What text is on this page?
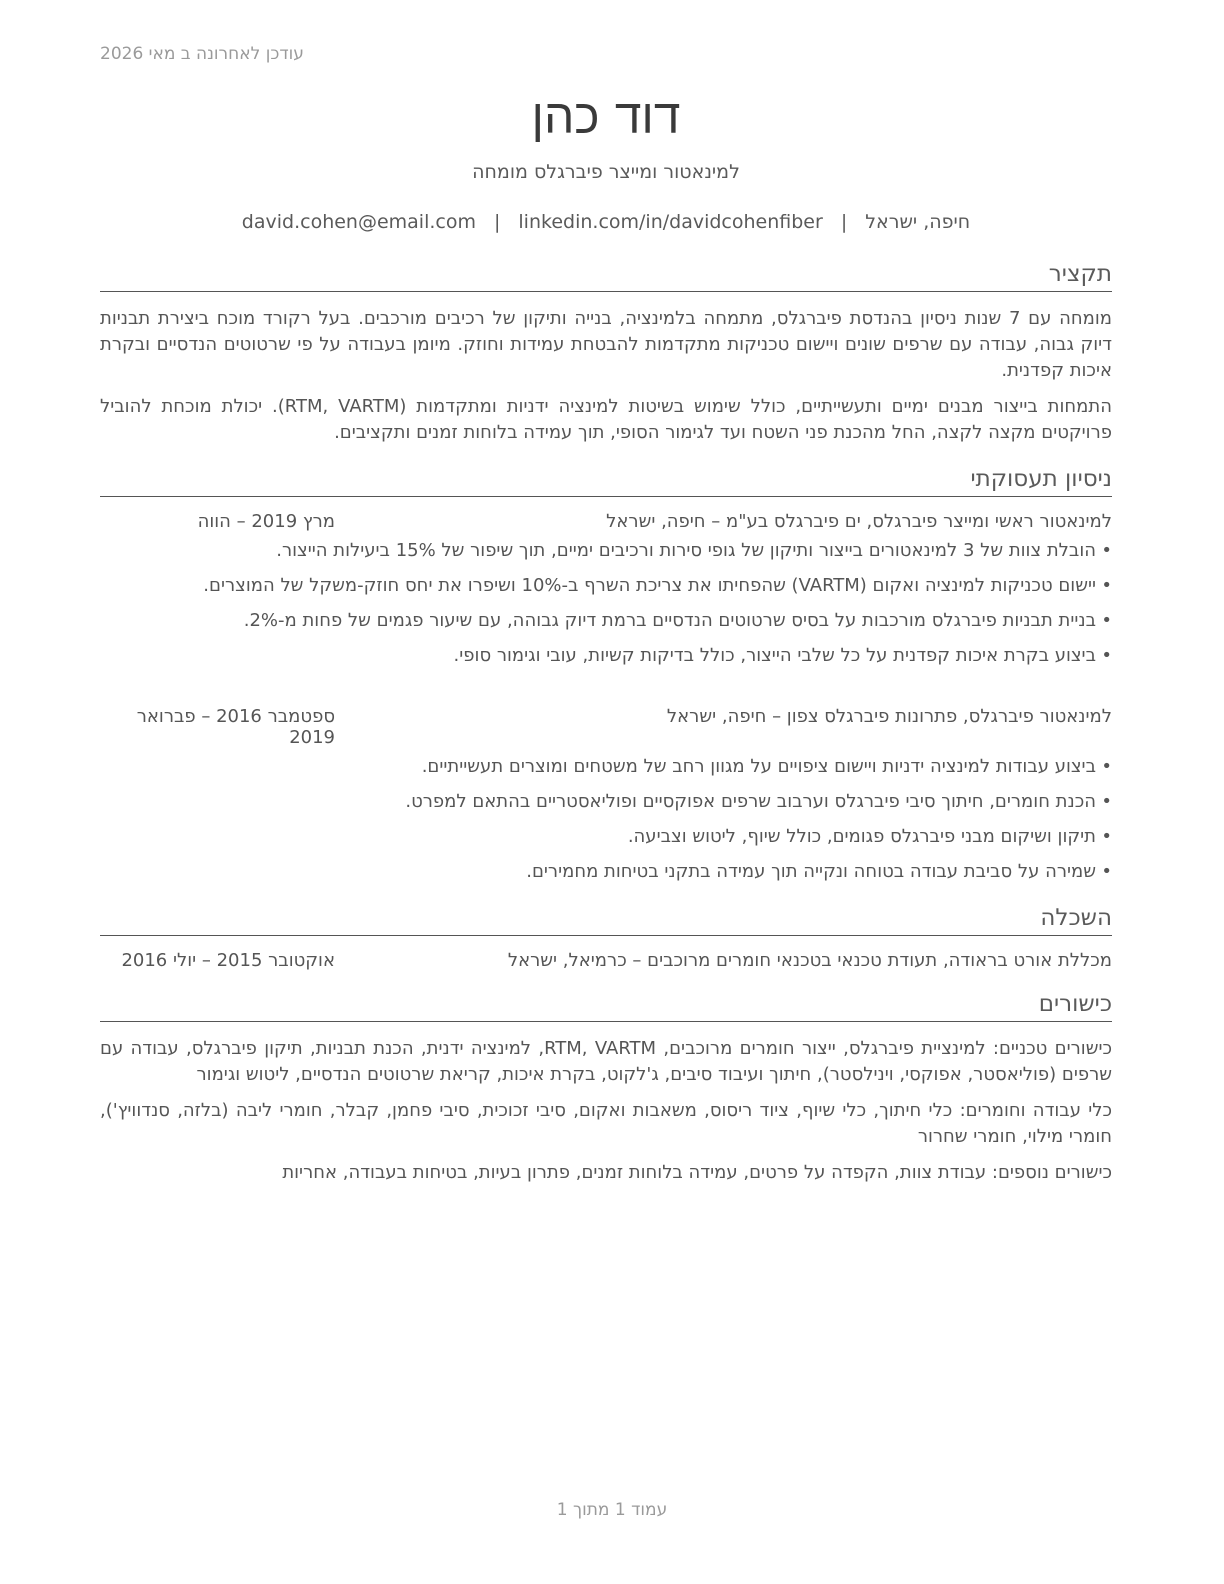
עודכן לאחרונה ב מאי 2026
דוד כהן
למינאטור ומייצר פיברגלס מומחה
חיפה, ישראל|david.cohen@email.com | linkedin.com/in/davidcohenfiber
תקציר

מומחה עם 7 שנות ניסיון בהנדסת פיברגלס, מתמחה בלמינציה, בנייה ותיקון של רכיבים מורכבים. בעל רקורד מוכח ביצירת תבניות דיוק גבוה, עבודה עם שרפים שונים ויישום טכניקות מתקדמות להבטחת עמידות וחוזק. מיומן בעבודה על פי שרטוטים הנדסיים ובקרת איכות קפדנית.

התמחות בייצור מבנים ימיים ותעשייתיים, כולל שימוש בשיטות למינציה ידניות ומתקדמות (RTM, VARTM). יכולת מוכחת להוביל פרויקטים מקצה לקצה, החל מהכנת פני השטח ועד לגימור הסופי, תוך עמידה בלוחות זמנים ותקציבים.

ניסיון תעסוקתי
למינאטור ראשי ומייצר פיברגלס, ים פיברגלס בע"מ – חיפה, ישראל
מרץ 2019 – הווה
• הובלת צוות של 3 למינאטורים בייצור ותיקון של גופי סירות ורכיבים ימיים, תוך שיפור של 15% ביעילות הייצור.
• יישום טכניקות למינציה ואקום (VARTM) שהפחיתו את צריכת השרף ב-10% ושיפרו את יחס חוזק-משקל של המוצרים.
• בניית תבניות פיברגלס מורכבות על בסיס שרטוטים הנדסיים ברמת דיוק גבוהה, עם שיעור פגמים של פחות מ-2%.
• ביצוע בקרת איכות קפדנית על כל שלבי הייצור, כולל בדיקות קשיות, עובי וגימור סופי.
למינאטור פיברגלס, פתרונות פיברגלס צפון – חיפה, ישראל
ספטמבר 2016 – פברואר 2019
• ביצוע עבודות למינציה ידניות ויישום ציפויים על מגוון רחב של משטחים ומוצרים תעשייתיים.
• הכנת חומרים, חיתוך סיבי פיברגלס וערבוב שרפים אפוקסיים ופוליאסטריים בהתאם למפרט.
• תיקון ושיקום מבני פיברגלס פגומים, כולל שיוף, ליטוש וצביעה.
• שמירה על סביבת עבודה בטוחה ונקייה תוך עמידה בתקני בטיחות מחמירים.
השכלה
מכללת אורט בראודה, תעודת טכנאי בטכנאי חומרים מרוכבים – כרמיאל, ישראל
אוקטובר 2015 – יולי 2016
כישורים

כישורים טכניים: למינציית פיברגלס, ייצור חומרים מרוכבים, RTM, VARTM, למינציה ידנית, הכנת תבניות, תיקון פיברגלס, עבודה עם שרפים (פוליאסטר, אפוקסי, וינילסטר), חיתוך ועיבוד סיבים, ג'לקוט, בקרת איכות, קריאת שרטוטים הנדסיים, ליטוש וגימור

כלי עבודה וחומרים: כלי חיתוך, כלי שיוף, ציוד ריסוס, משאבות ואקום, סיבי זכוכית, סיבי פחמן, קבלר, חומרי ליבה (בלזה, סנדוויץ'), חומרי מילוי, חומרי שחרור

כישורים נוספים: עבודת צוות, הקפדה על פרטים, עמידה בלוחות זמנים, פתרון בעיות, בטיחות בעבודה, אחריות

עמוד 1 מתוך 1
